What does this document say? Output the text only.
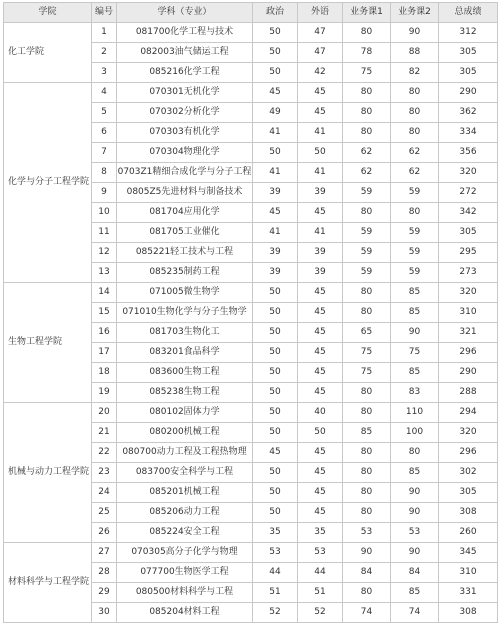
学院	编号	学科（专业）	政治	外语	业务课1	业务课2	总成绩
化工学院	1	081700化学工程与技术	50	47	80	90	312
	2	082003油气储运工程	50	47	78	88	305
	3	085216化学工程	50	42	75	82	305
化学与分子工程学院	4	070301无机化学	45	45	80	80	290
	5	070302分析化学	49	45	80	80	362
	6	070303有机化学	41	41	80	80	334
	7	070304物理化学	50	50	62	62	356
	8	0703Z1精细合成化学与分子工程	41	41	62	62	320
	9	0805Z5先进材料与制备技术	39	39	59	59	272
	10	081704应用化学	45	45	80	80	342
	11	081705工业催化	41	41	59	59	305
	12	085221轻工技术与工程	39	39	59	59	295
	13	085235制药工程	39	39	59	59	273
生物工程学院	14	071005微生物学	50	45	80	85	320
	15	071010生物化学与分子生物学	50	45	80	85	310
	16	081703生物化工	50	45	65	90	321
	17	083201食品科学	50	45	75	75	296
	18	083600生物工程	50	45	75	85	290
	19	085238生物工程	50	45	80	83	288
机械与动力工程学院	20	080102固体力学	50	40	80	110	294
	21	080200机械工程	50	50	85	100	320
	22	080700动力工程及工程热物理	45	45	80	80	296
	23	083700安全科学与工程	50	45	80	85	302
	24	085201机械工程	50	45	80	90	305
	25	085206动力工程	50	45	80	90	308
	26	085224安全工程	35	35	53	53	260
材料科学与工程学院	27	070305高分子化学与物理	53	53	90	90	345
	28	077700生物医学工程	44	44	84	84	310
	29	080500材料科学与工程	51	51	80	85	331
	30	085204材料工程	52	52	74	74	308
